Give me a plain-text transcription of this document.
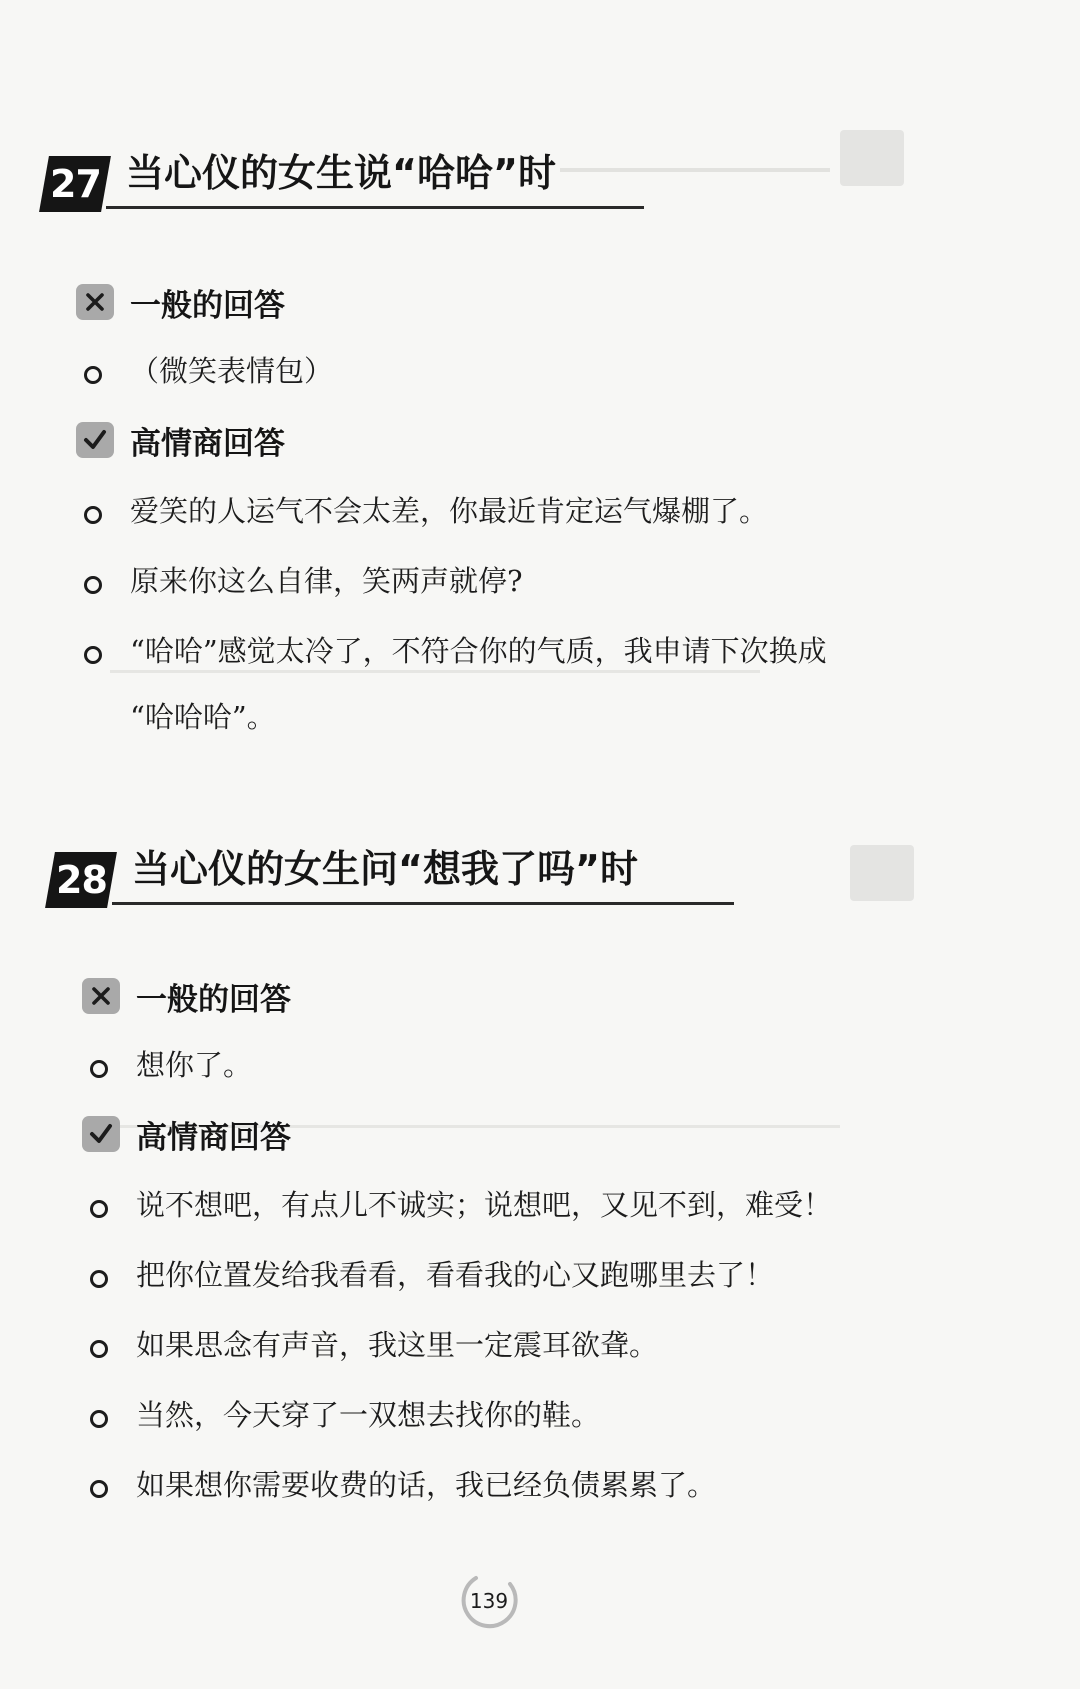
27 当心仪的女生说“哈哈”时
一般的回答
（微笑表情包）
高情商回答
爱笑的人运气不会太差，你最近肯定运气爆棚了。
原来你这么自律，笑两声就停?
“哈哈”感觉太冷了，不符合你的气质，我申请下次换成
“哈哈哈”。
28 当心仪的女生问“想我了吗”时
一般的回答
想你了。
高情商回答
说不想吧，有点儿不诚实；说想吧，又见不到，难受！
把你位置发给我看看，看看我的心又跑哪里去了！
如果思念有声音，我这里一定震耳欲聋。
当然，今天穿了一双想去找你的鞋。
如果想你需要收费的话，我已经负债累累了。
139
